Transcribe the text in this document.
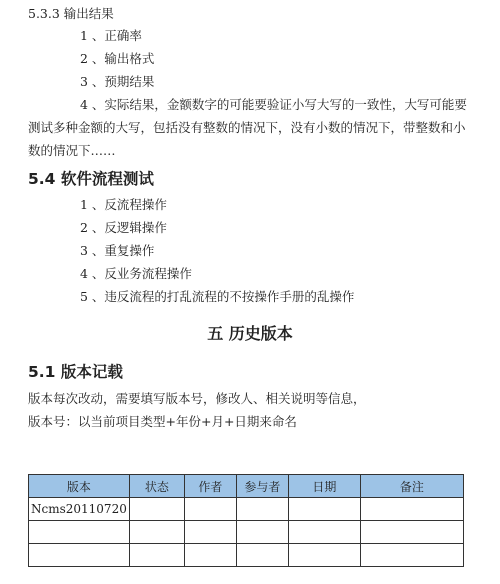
5.3.3 输出结果
1 、正确率
2 、输出格式
3 、预期结果
4 、实际结果，金额数字的可能要验证小写大写的一致性，大写可能要
测试多种金额的大写，包括没有整数的情况下，没有小数的情况下，带整数和小
数的情况下……
5.4 软件流程测试
1 、反流程操作
2 、反逻辑操作
3 、重复操作
4 、反业务流程操作
5 、违反流程的打乱流程的不按操作手册的乱操作
五 历史版本
5.1 版本记载
版本每次改动，需要填写版本号，修改人、相关说明等信息，
版本号：以当前项目类型+年份+月+日期来命名
版本	状态	作者	参与者	日期	备注
Ncms20110720					
